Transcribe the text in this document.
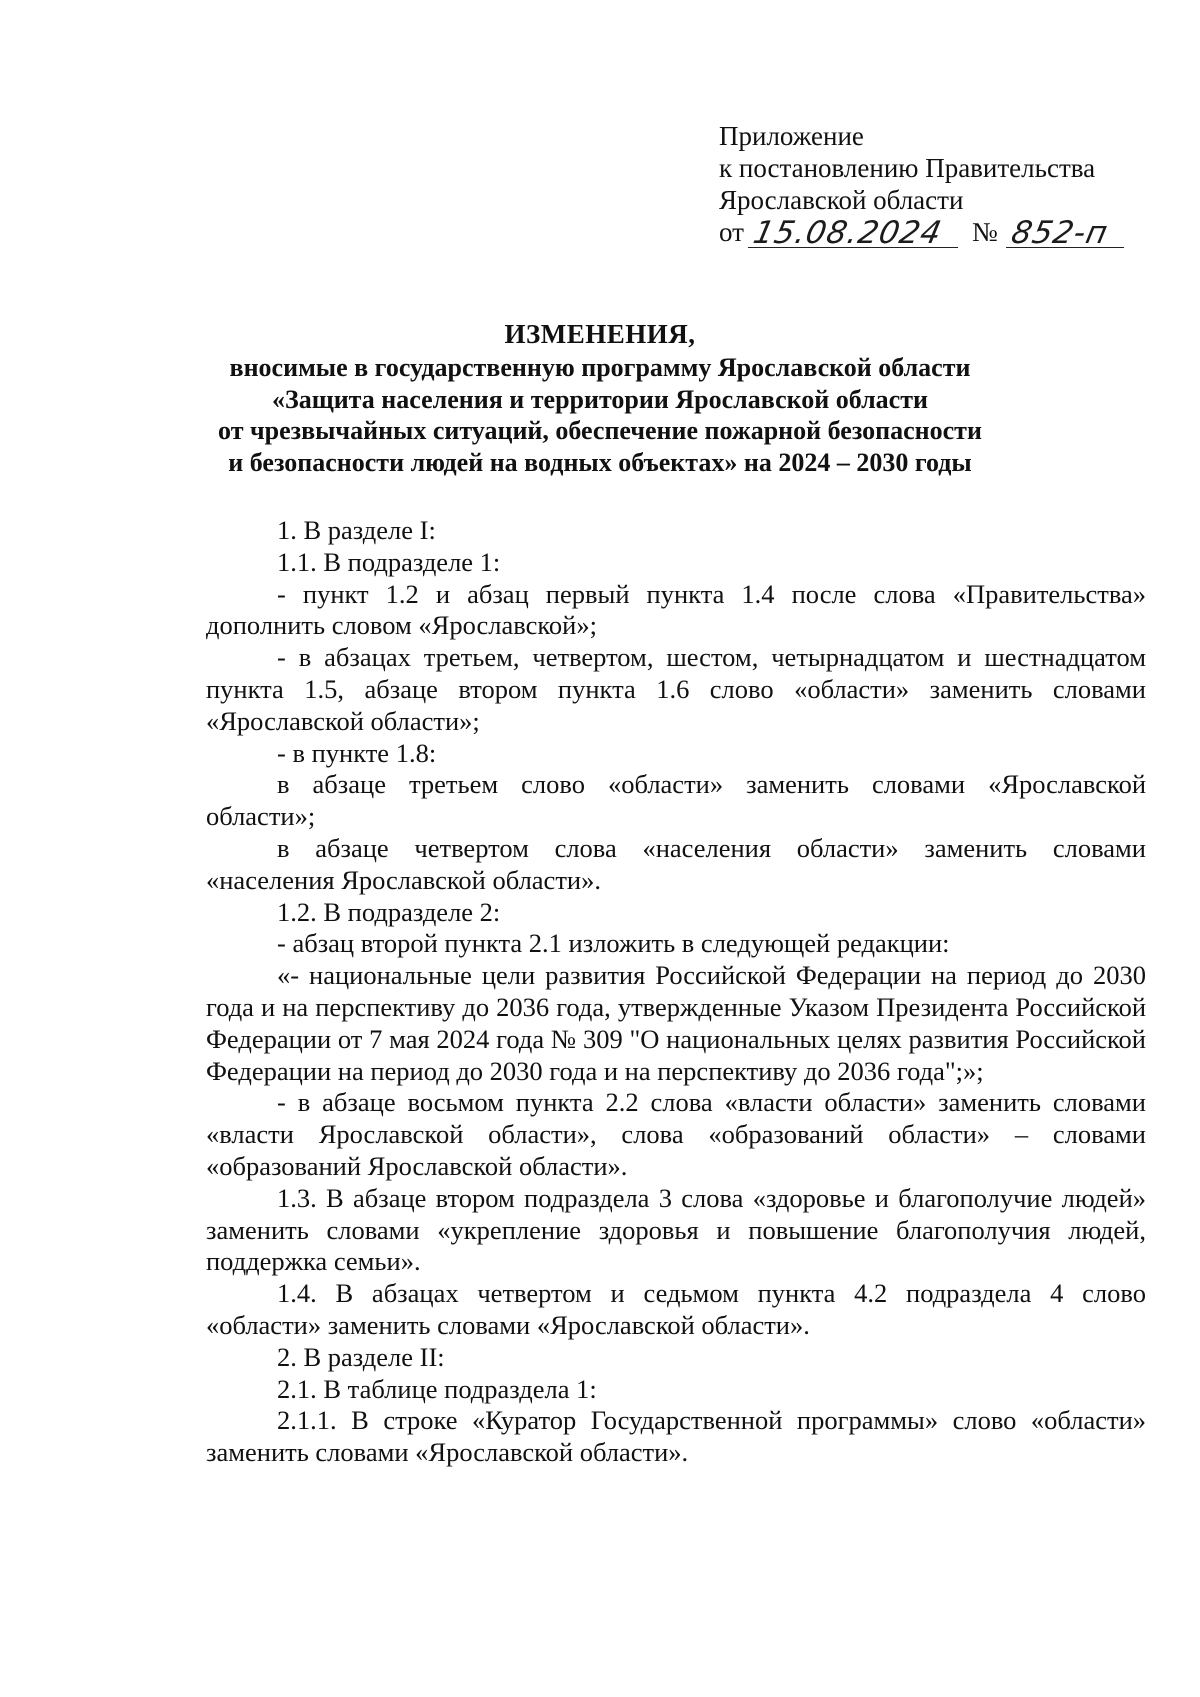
Приложение
к постановлению Правительства
Ярославской области
от 15.08.2024 № 852-п
ИЗМЕНЕНИЯ,
вносимые в государственную программу Ярославской области
«Защита населения и территории Ярославской области
от чрезвычайных ситуаций, обеспечение пожарной безопасности
и безопасности людей на водных объектах» на 2024 – 2030 годы

1. В разделе I:

1.1. В подразделе 1:

- пункт 1.2 и абзац первый пункта 1.4 после слова «Правительства» дополнить словом «Ярославской»;

- в абзацах третьем, четвертом, шестом, четырнадцатом и шестнадцатом пункта 1.5, абзаце втором пункта 1.6 слово «области» заменить словами «Ярославской области»;

- в пункте 1.8:

в абзаце третьем слово «области» заменить словами «Ярославской области»;

в абзаце четвертом слова «населения области» заменить словами «населения Ярославской области».

1.2. В подразделе 2:

- абзац второй пункта 2.1 изложить в следующей редакции:

«- национальные цели развития Российской Федерации на период до 2030 года и на перспективу до 2036 года, утвержденные Указом Президента Российской Федерации от 7 мая 2024 года № 309 "О национальных целях развития Российской Федерации на период до 2030 года и на перспективу до 2036 года";»;

- в абзаце восьмом пункта 2.2 слова «власти области» заменить словами «власти Ярославской области», слова «образований области» – словами «образований Ярославской области».

1.3. В абзаце втором подраздела 3 слова «здоровье и благополучие людей» заменить словами «укрепление здоровья и повышение благополучия людей, поддержка семьи».

1.4. В абзацах четвертом и седьмом пункта 4.2 подраздела 4 слово «области» заменить словами «Ярославской области».

2. В разделе II:

2.1. В таблице подраздела 1:

2.1.1. В строке «Куратор Государственной программы» слово «области» заменить словами «Ярославской области».
